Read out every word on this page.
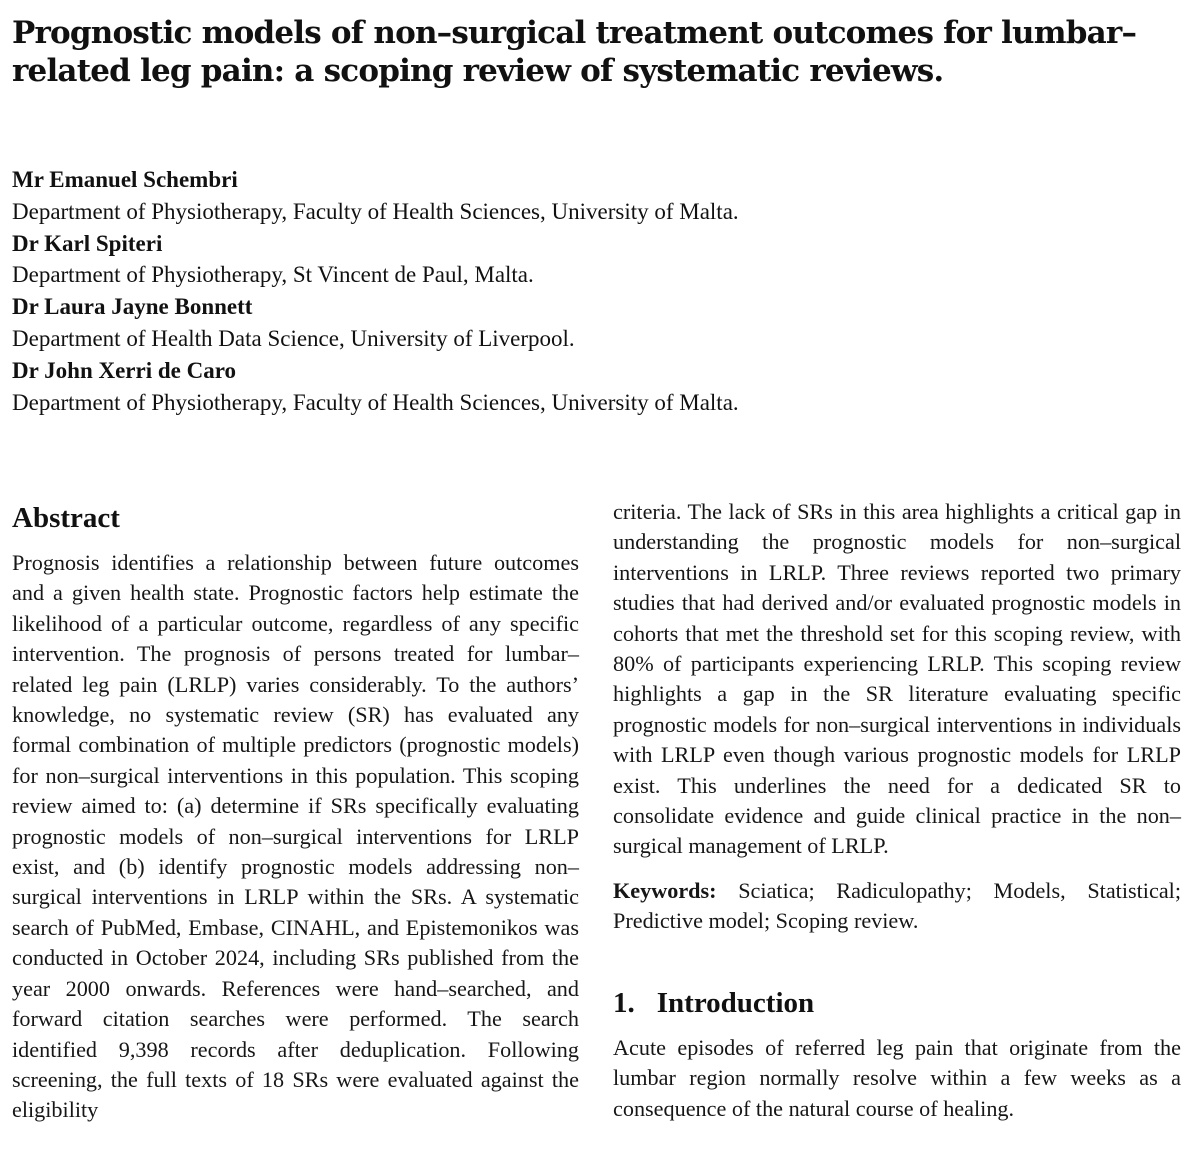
Prognostic models of non–surgical treatment outcomes for lumbar–related leg pain: a scoping review of systematic reviews.
Mr Emanuel Schembri
Department of Physiotherapy, Faculty of Health Sciences, University of Malta.
Dr Karl Spiteri
Department of Physiotherapy, St Vincent de Paul, Malta.
Dr Laura Jayne Bonnett
Department of Health Data Science, University of Liverpool.
Dr John Xerri de Caro
Department of Physiotherapy, Faculty of Health Sciences, University of Malta.
Abstract

Prognosis identifies a relationship between future outcomes and a given health state. Prognostic factors help estimate the likelihood of a particular outcome, regardless of any specific intervention. The prognosis of persons treated for lumbar–related leg pain (LRLP) varies considerably. To the authors’ knowledge, no systematic review (SR) has evaluated any formal combination of multiple predictors (prognostic models) for non–surgical interventions in this population. This scoping review aimed to: (a) determine if SRs specifically evaluating prognostic models of non–surgical interventions for LRLP exist, and (b) identify prognostic models addressing non–surgical interventions in LRLP within the SRs. A systematic search of PubMed, Embase, CINAHL, and Epistemonikos was conducted in October 2024, including SRs published from the year 2000 onwards. References were hand–searched, and forward citation searches were performed. The search identified 9,398 records after deduplication. Following screening, the full texts of 18 SRs were evaluated against the eligibility

criteria. The lack of SRs in this area highlights a critical gap in understanding the prognostic models for non–surgical interventions in LRLP. Three reviews reported two primary studies that had derived and/or evaluated prognostic models in cohorts that met the threshold set for this scoping review, with 80% of participants experiencing LRLP. This scoping review highlights a gap in the SR literature evaluating specific prognostic models for non–surgical interventions in individuals with LRLP even though various prognostic models for LRLP exist. This underlines the need for a dedicated SR to consolidate evidence and guide clinical practice in the non–surgical management of LRLP.

Keywords: Sciatica; Radiculopathy; Models, Statistical; Predictive model; Scoping review.

1. Introduction

Acute episodes of referred leg pain that originate from the lumbar region normally resolve within a few weeks as a consequence of the natural course of healing.
